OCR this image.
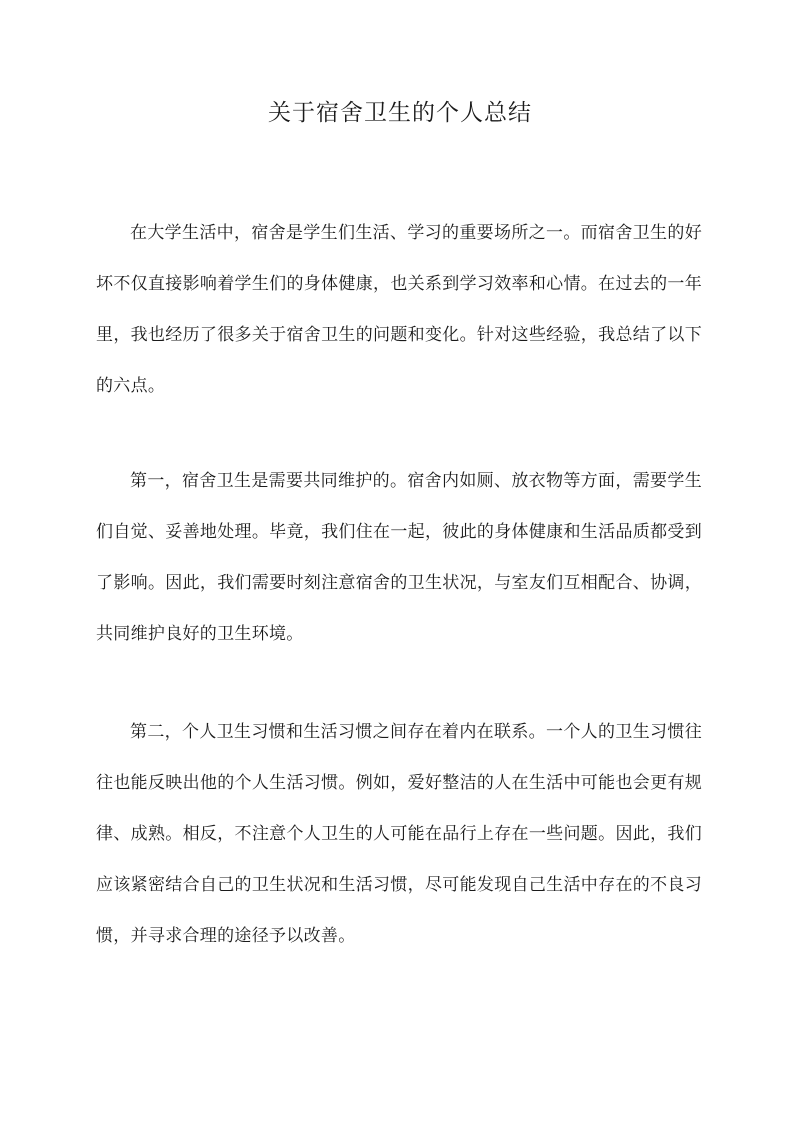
关于宿舍卫生的个人总结

在大学生活中，宿舍是学生们生活、学习的重要场所之一。而宿舍卫生的好坏不仅直接影响着学生们的身体健康，也关系到学习效率和心情。在过去的一年里，我也经历了很多关于宿舍卫生的问题和变化。针对这些经验，我总结了以下的六点。

第一，宿舍卫生是需要共同维护的。宿舍内如厕、放衣物等方面，需要学生们自觉、妥善地处理。毕竟，我们住在一起，彼此的身体健康和生活品质都受到了影响。因此，我们需要时刻注意宿舍的卫生状况，与室友们互相配合、协调，共同维护良好的卫生环境。

第二，个人卫生习惯和生活习惯之间存在着内在联系。一个人的卫生习惯往往也能反映出他的个人生活习惯。例如，爱好整洁的人在生活中可能也会更有规律、成熟。相反，不注意个人卫生的人可能在品行上存在一些问题。因此，我们应该紧密结合自己的卫生状况和生活习惯，尽可能发现自己生活中存在的不良习惯，并寻求合理的途径予以改善。
